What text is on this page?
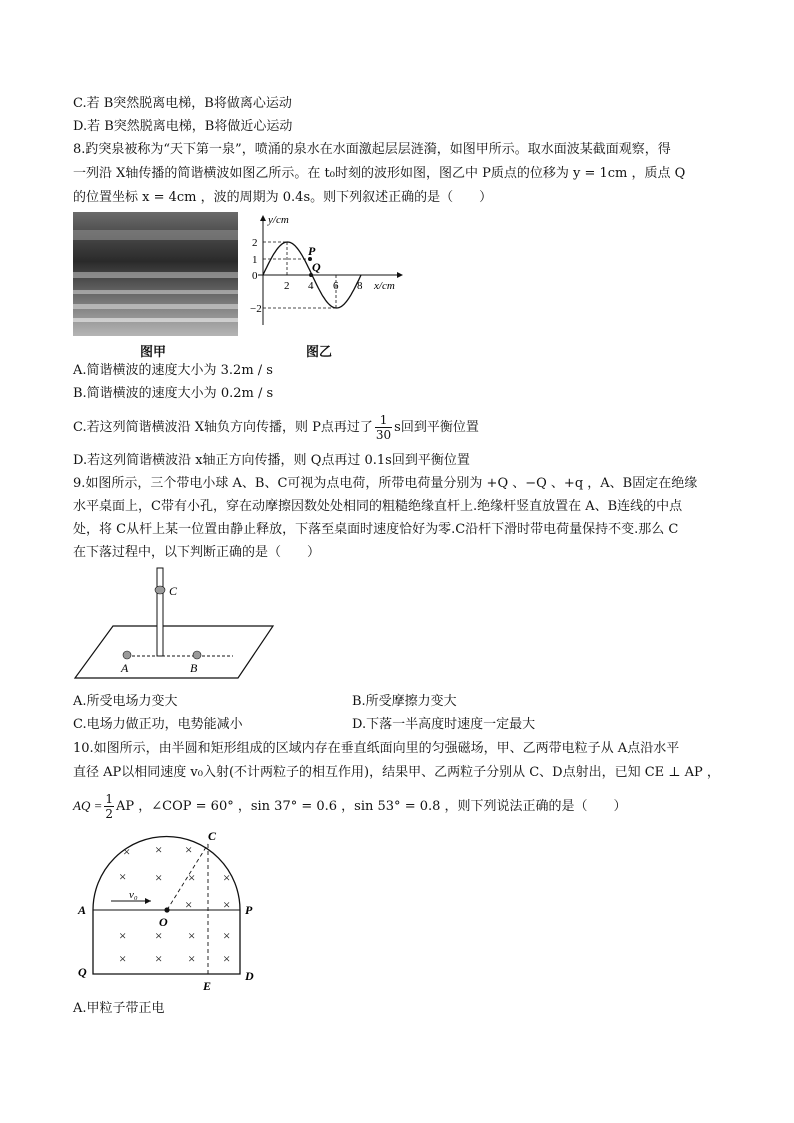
C.若 B突然脱离电梯，B将做离心运动
D.若 B突然脱离电梯，B将做近心运动
8.趵突泉被称为“天下第一泉”，喷涌的泉水在水面激起层层涟漪，如图甲所示。取水面波某截面观察，得
一列沿 X轴传播的简谐横波如图乙所示。在 t₀时刻的波形如图，图乙中 P质点的位移为 y = 1cm ，质点 Q
的位置坐标 x = 4cm ，波的周期为 0.4s。则下列叙述正确的是（　　）
图甲
P
Q
y/cm
x/cm
2
1
0
−2
2 4 6 8
图乙
A.简谐横波的速度大小为 3.2m / s
B.简谐横波的速度大小为 0.2m / s
C.若这列简谐横波沿 X轴负方向传播，则 P点再过了 $\frac{1}{30}$ s回到平衡位置
D.若这列简谐横波沿 x轴正方向传播，则 Q点再过 0.1s回到平衡位置
9.如图所示，三个带电小球 A、B、C可视为点电荷，所带电荷量分别为 +Q 、−Q 、+q ，A、B固定在绝缘
水平桌面上，C带有小孔，穿在动摩擦因数处处相同的粗糙绝缘直杆上.绝缘杆竖直放置在 A、B连线的中点
处，将 C从杆上某一位置由静止释放，下落至桌面时速度恰好为零.C沿杆下滑时带电荷量保持不变.那么 C
在下落过程中，以下判断正确的是（　　）
C
A	B
A.所受电场力变大	B.所受摩擦力变大
C.电场力做正功，电势能减小	D.下落一半高度时速度一定最大
10.如图所示，由半圆和矩形组成的区域内存在垂直纸面向里的匀强磁场，甲、乙两带电粒子从 A点沿水平
直径 AP以相同速度 v₀入射(不计两粒子的相互作用)，结果甲、乙两粒子分别从 C、D点射出，已知 CE ⊥ AP ，
AQ = $\frac{1}{2}$ AP ，∠COP = 60° ，sin 37° = 0.6 ，sin 53° = 0.8 ，则下列说法正确的是（　　）
× × ×
× × × ×
× ×
× × × ×
× × × ×
A	P
C
O
Q	D
E
v₀
A.甲粒子带正电
